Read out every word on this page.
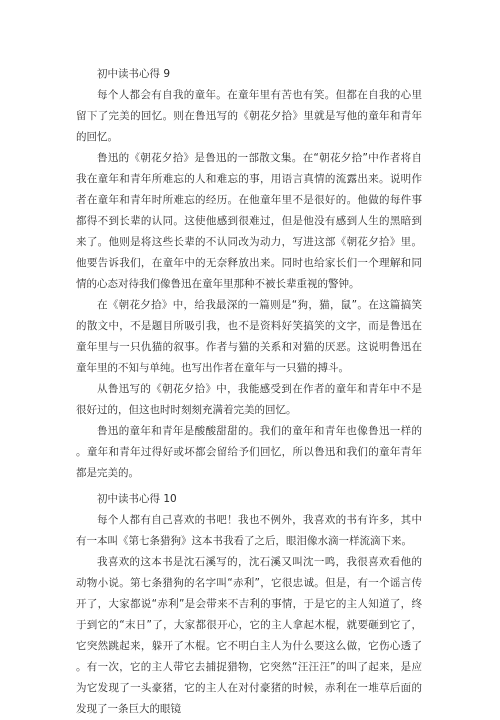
初中读书心得 9

每个人都会有自我的童年。在童年里有苦也有笑。但都在自我的心里留下了完美的回忆。则在鲁迅写的《朝花夕拾》里就是写他的童年和青年的回忆。

鲁迅的《朝花夕拾》是鲁迅的一部散文集。在“朝花夕拾”中作者将自我在童年和青年所难忘的人和难忘的事，用语言真情的流露出来。说明作者在童年和青年时所难忘的经历。在他童年里不是很好的。他做的每件事都得不到长辈的认同。这使他感到很难过，但是他没有感到人生的黑暗到来了。他则是将这些长辈的不认同改为动力，写进这部《朝花夕拾》里。他要告诉我们，在童年中的无奈释放出来。同时也给家长们一个理解和同情的心态对待我们像鲁迅在童年里那种不被长辈重视的警钟。

在《朝花夕拾》中，给我最深的一篇则是“狗，猫，鼠”。在这篇搞笑的散文中，不是题目所吸引我，也不是资料好笑搞笑的文字，而是鲁迅在童年里与一只仇猫的叙事。作者与猫的关系和对猫的厌恶。这说明鲁迅在童年里的不知与单纯。也写出作者在童年与一只猫的搏斗。

从鲁迅写的《朝花夕拾》中，我能感受到在作者的童年和青年中不是很好过的，但这也时时刻刻充满着完美的回忆。

鲁迅的童年和青年是酸酸甜甜的。我们的童年和青年也像鲁迅一样的。童年和青年过得好或坏都会留给予们回忆，所以鲁迅和我们的童年青年都是完美的。

初中读书心得 10

每个人都有自己喜欢的书吧！我也不例外，我喜欢的书有许多，其中有一本叫《第七条猎狗》这本书我看了之后，眼泪像水滴一样流滴下来。

我喜欢的这本书是沈石溪写的，沈石溪又叫沈一鸣，我很喜欢看他的动物小说。第七条猎狗的名字叫“赤利”，它很忠诚。但是，有一个谣言传开了，大家都说“赤利”是会带来不吉利的事情，于是它的主人知道了，终于到它的“末日”了，大家都很开心，它的主人拿起木棍，就要砸到它了，它突然跳起来，躲开了木棍。它不明白主人为什么要这么做，它伤心透了。有一次，它的主人带它去捕捉猎物，它突然“汪汪汪”的叫了起来，是应为它发现了一头豪猪，它的主人在对付豪猪的时候，赤利在一堆草后面的发现了一条巨大的眼镜
